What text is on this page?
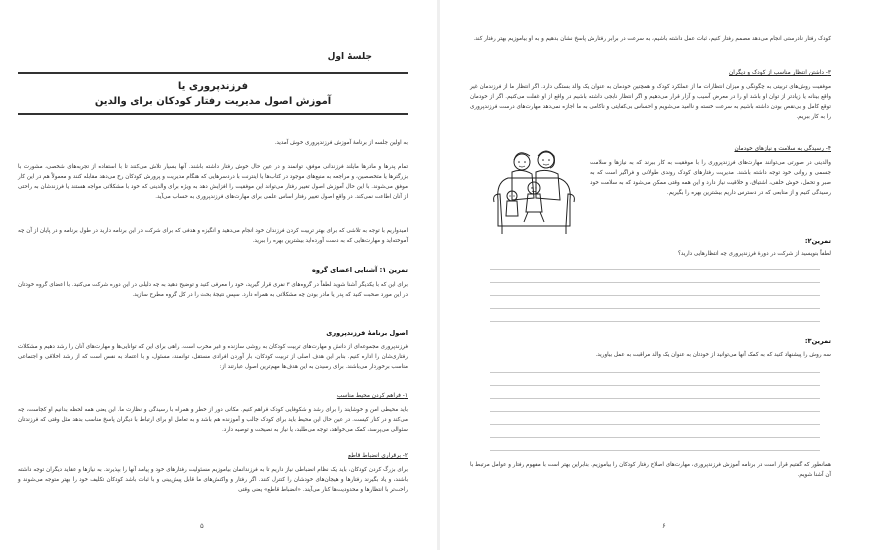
جلسهٔ اول
فرزندپروری یا
آموزش اصول مدیریت رفتار کودکان برای والدین
به اولین جلسه از برنامهٔ آموزش فرزندپروری خوش آمدید.
تمام پدرها و مادرها مایلند فرزندانی موفق، توانمند و در عین حال خوش رفتار داشته باشند. آنها بسیار تلاش می‌کنند تا با استفاده از تجربه‌های شخصی، مشورت با بزرگترها یا متخصصین، و مراجعه به منبع‌های موجود در کتاب‌ها یا اینترنت با دردسرهایی که هنگام مدیریت و پرورش کودکان رخ می‌دهد مقابله کنند و معمولاً هم در این کار موفق می‌شوند. با این حال آموزش اصول تغییر رفتار می‌تواند این موفقیت را افزایش دهد به ویژه برای والدینی که خود با مشکلاتی مواجه هستند یا فرزندشان به راحتی از آنان اطاعت نمی‌کند. در واقع اصول تغییر رفتار اساس علمی برای مهارت‌های فرزندپروری به حساب می‌آید.
امیدواریم با توجه به تلاشی که برای بهتر تربیت کردن فرزندان خود انجام می‌دهید و انگیزه و هدفی که برای شرکت در این برنامه دارید در طول برنامه و در پایان از آن چه آموخته‌اید و مهارت‌هایی که به دست آورده‌اید بیشترین بهره را ببرید.
تمرین ۱: آشنایی اعضای گروه
برای این که با یکدیگر آشنا شوید لطفاً در گروه‌های ۳ نفری قرار گیرید، خود را معرفی کنید و توضیح دهید به چه دلیلی در این دوره شرکت می‌کنید. با اعضای گروه خودتان در این مورد صحبت کنید که پدر یا مادر بودن چه مشکلاتی به همراه دارد. سپس نتیجهٔ بحث را در کل گروه مطرح سازید.
اصول برنامهٔ فرزندپروری
فرزندپروری مجموعه‌ای از دانش و مهارت‌های تربیت کودکان به روشی سازنده و غیر مخرب است. راهی برای این که توانایی‌ها و مهارت‌های آنان را رشد دهیم و مشکلات رفتاری‌شان را اداره کنیم. بنابر این هدف اصلی از تربیت کودکان، بار آوردن افرادی مستقل، توانمند، مسئول، و با اعتماد به نفس است که از رشد اخلاقی و اجتماعی مناسب برخوردار می‌باشند. برای رسیدن به این هدف‌ها مهم‌ترین اصول عبارتند از:
۱- فراهم کردن محیط مناسب
باید محیطی امن و خوشایند را برای رشد و شکوفایی کودک فراهم کنیم. مکانی دور از خطر و همراه با رسیدگی و نظارت ما. این یعنی همه لحظه بدانیم او کجاست، چه می‌کند و در کنار کیست. در عین حال این محیط باید برای کودک جالب و آموزنده هم باشد و به تعامل او برای ارتباط با دیگران پاسخ مناسب بدهد مثل وقتی که فرزندتان سئوالی می‌پرسد، کمک می‌خواهد، توجه می‌طلبد، یا نیاز به نصیحت و توصیه دارد.
۲- برقراری انضباط قاطع
برای بزرگ کردن کودکان، باید یک نظام انضباطی نیاز داریم تا به فرزندانمان بیاموزیم مسئولیت رفتارهای خود و پیامد آنها را بپذیرند. به نیازها و عقاید دیگران توجه داشته باشند، و یاد بگیرند رفتارها و هیجان‌های خودشان را کنترل کنند. اگر رفتار و واکنش‌های ما قابل پیش‌بینی و با ثبات باشد کودکان تکلیف خود را بهتر متوجه می‌شوند و راحت‌تر با انتظارها و محدودیت‌ها کنار می‌آیند. «انضباط قاطع» یعنی وقتی
۵
کودک رفتار نادرستی انجام می‌دهد مصمم رفتار کنیم، ثبات عمل داشته باشیم، به سرعت در برابر رفتارش پاسخ نشان بدهیم و به او بیاموزیم بهتر رفتار کند.
۳- داشتن انتظار مناسب از کودک و دیگران
موفقیت روش‌های تربیتی به چگونگی و میزان انتظارات ما از عملکرد کودک و همچنین خودمان به عنوان یک والد بستگی دارد. اگر انتظار ما از فرزندمان غیر واقع بینانه یا زیادتر از توان او باشد او را در معرض آسیب و آزار قرار می‌دهیم و اگر انتظار نابجی داشته باشیم در واقع از او غفلت می‌کنیم. اگر از خودمان توقع کامل و بی‌نقص بودن داشته باشیم به سرعت خسته و ناامید می‌شویم و احساس بی‌کفایتی و ناکامی به ما اجازه نمی‌دهد مهارت‌های درست فرزندپروری را به کار ببریم.
۴- رسیدگی به سلامت و نیازهای خودمان
والدینی در صورتی می‌توانند مهارت‌های فرزندپروری را با موفقیت به کار ببرند که به نیازها و سلامت جسمی و روانی خود توجه داشته باشند. مدیریت رفتارهای کودک روندی طولانی و فراگیر است که به صبر و تحمل، خوش خلقی، اشتیاق، و خلاقیت نیاز دارد و این همه وقتی ممکن می‌شود که به سلامت خود رسیدگی کنیم و از منابعی که در دسترس داریم بیشترین بهره را بگیریم.
تمرین۲:
لطفاً بنویسید از شرکت در دورهٔ فرزندپروری چه انتظارهایی دارید؟
تمرین۳:
سه روش را پیشنهاد کنید که به کمک آنها می‌توانید از خودتان به عنوان یک والد مراقبت به عمل بیاورید.
همانطور که گفتیم قرار است در برنامه آموزش فرزندپروری، مهارت‌های اصلاح رفتار کودکان را بیاموزیم. بنابراین بهتر است با مفهوم رفتار و عوامل مرتبط با آن آشنا شویم.
۶
